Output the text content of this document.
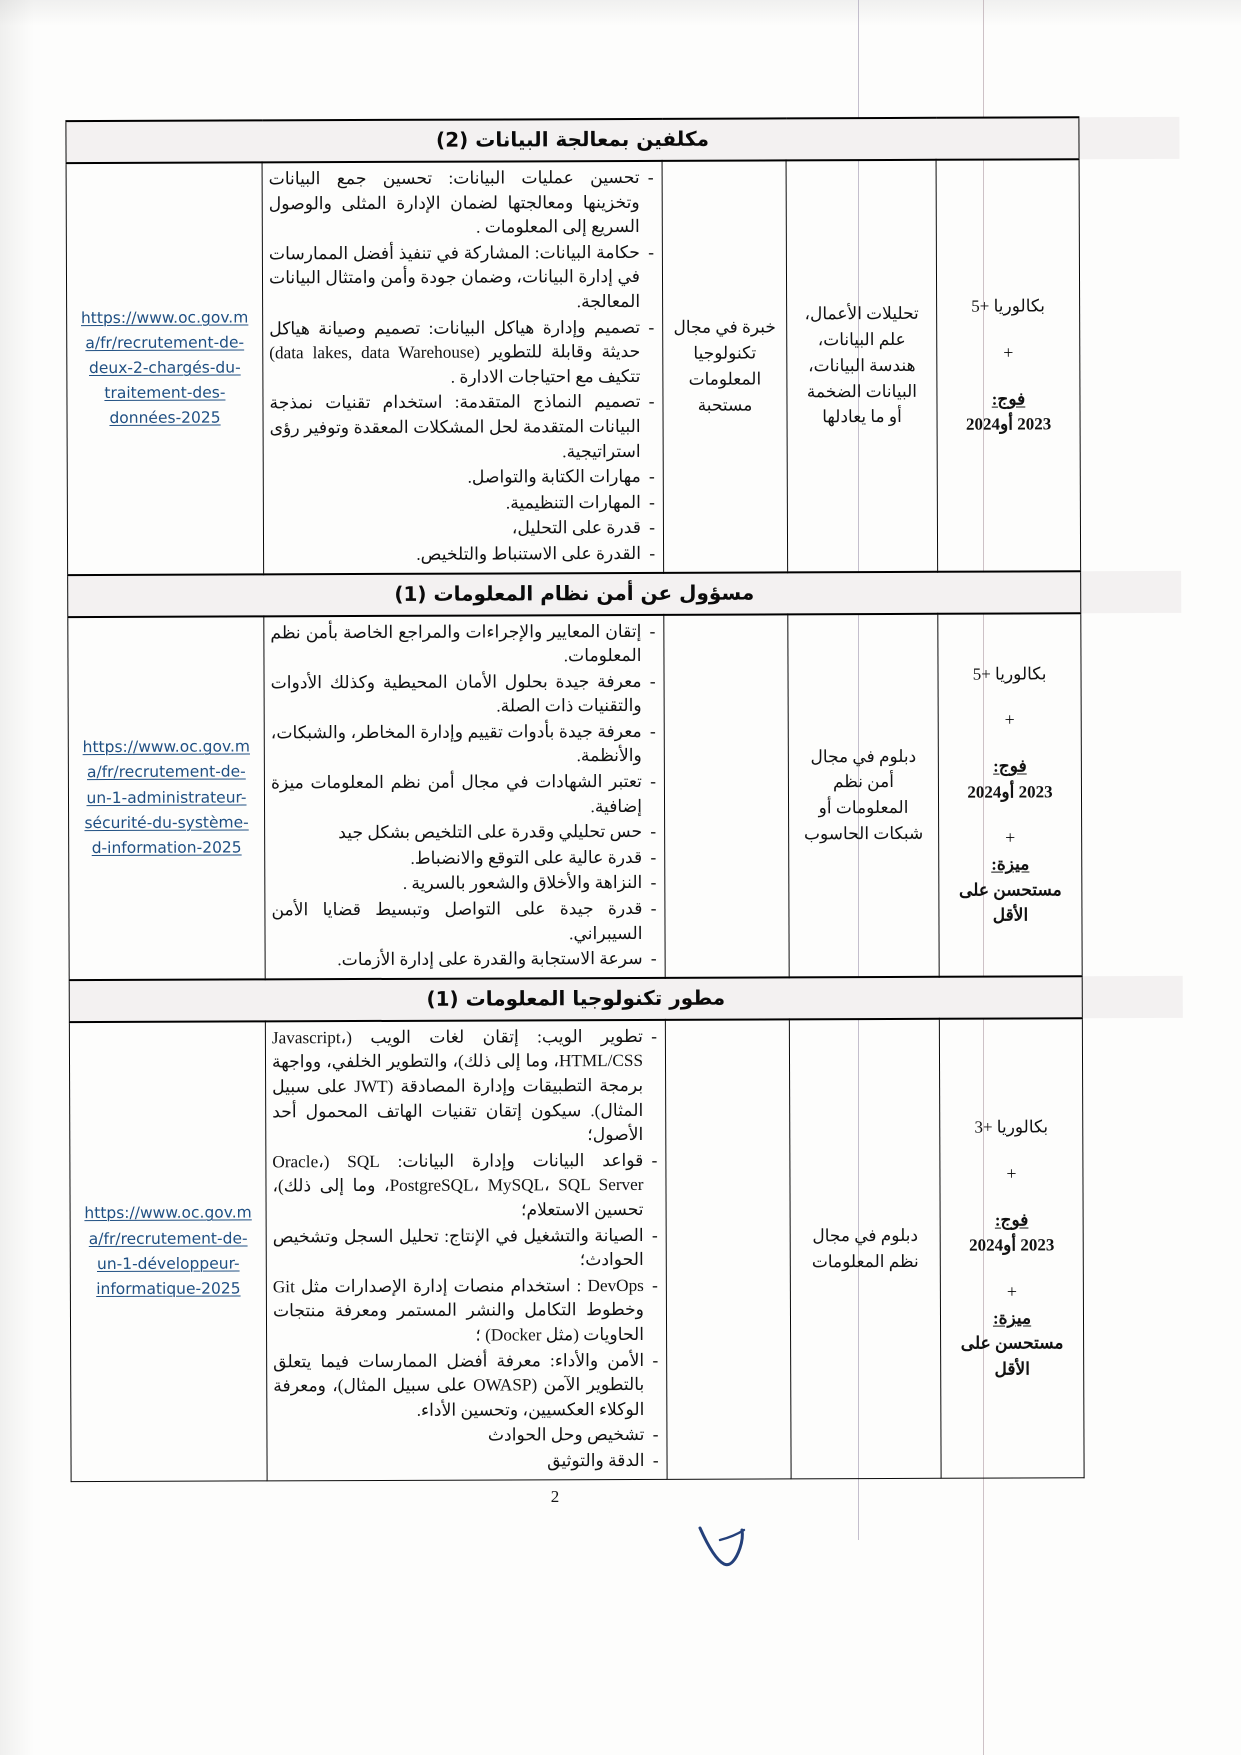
مكلفين بمعالجة البيانات (2)					

https://www.oc.gov.m
a/fr/recrutement-de-
deux-2-chargés-du-
traitement-des-
données-2025	
- تحسين عمليات البيانات: تحسين جمع البيانات وتخزينها ومعالجتها لضمان الإدارة المثلى والوصول السريع إلى المعلومات .
- حكامة البيانات: المشاركة في تنفيذ أفضل الممارسات في إدارة البيانات، وضمان جودة وأمن وامتثال البيانات المعالجة.
- تصميم وإدارة هياكل البيانات: تصميم وصيانة هياكل حديثة وقابلة للتطوير (data lakes, data Warehouse) تتكيف مع احتياجات الادارة .
- تصميم النماذج المتقدمة: استخدام تقنيات نمذجة البيانات المتقدمة لحل المشكلات المعقدة وتوفير رؤى استراتيجية.
- مهارات الكتابة والتواصل.
- المهارات التنظيمية.
- قدرة على التحليل،
- القدرة على الاستنباط والتلخيص.

خبرة في مجال
تكنولوجيا
المعلومات
مستحبة

تحليلات الأعمال،
علم البيانات،
هندسة البيانات،
البيانات الضخمة
أو ما يعادلها

بكالوريا +5
+
فوج:
2023 أو2024

مسؤول عن أمن نظام المعلومات (1)					

https://www.oc.gov.m
a/fr/recrutement-de-
un-1-administrateur-
sécurité-du-système-
d-information-2025	
- إتقان المعايير والإجراءات والمراجع الخاصة بأمن نظم المعلومات.
- معرفة جيدة بحلول الأمان المحيطية وكذلك الأدوات والتقنيات ذات الصلة.
- معرفة جيدة بأدوات تقييم وإدارة المخاطر، والشبكات، والأنظمة.
- تعتبر الشهادات في مجال أمن نظم المعلومات ميزة إضافية.
- حس تحليلي وقدرة على التلخيص بشكل جيد
- قدرة عالية على التوقع والانضباط.
- النزاهة والأخلاق والشعور بالسرية .
- قدرة جيدة على التواصل وتبسيط قضايا الأمن السيبراني.
- سرعة الاستجابة والقدرة على إدارة الأزمات.

دبلوم في مجال
أمن نظم
المعلومات أو
شبكات الحاسوب

بكالوريا +5
+
فوج:
2023 أو2024
+
ميزة:
مستحسن على الأقل

مطور تكنولوجيا المعلومات (1)					

https://www.oc.gov.m
a/fr/recrutement-de-
un-1-développeur-
informatique-2025	
- تطوير الويب: إتقان لغات الويب (Javascript، HTML/CSS، وما إلى ذلك)، والتطوير الخلفي، وواجهة برمجة التطبيقات وإدارة المصادقة (JWT على سبيل المثال). سيكون إتقان تقنيات الهاتف المحمول أحد الأصول؛
- قواعد البيانات وإدارة البيانات: SQL (Oracle، PostgreSQL، MySQL، SQL Server، وما إلى ذلك)، تحسين الاستعلام؛
- الصيانة والتشغيل في الإنتاج: تحليل السجل وتشخيص الحوادث؛
- DevOps : استخدام منصات إدارة الإصدارات مثل Git وخطوط التكامل والنشر المستمر ومعرفة منتجات الحاويات (مثل Docker) ؛
- الأمن والأداء: معرفة أفضل الممارسات فيما يتعلق بالتطوير الآمن (OWASP على سبيل المثال)، ومعرفة الوكلاء العكسيين، وتحسين الأداء.
- تشخيص وحل الحوادث
- الدقة والتوثيق

دبلوم في مجال
نظم المعلومات

بكالوريا +3
+
فوج:
2023 أو2024
+
ميزة:
مستحسن على الأقل

2
